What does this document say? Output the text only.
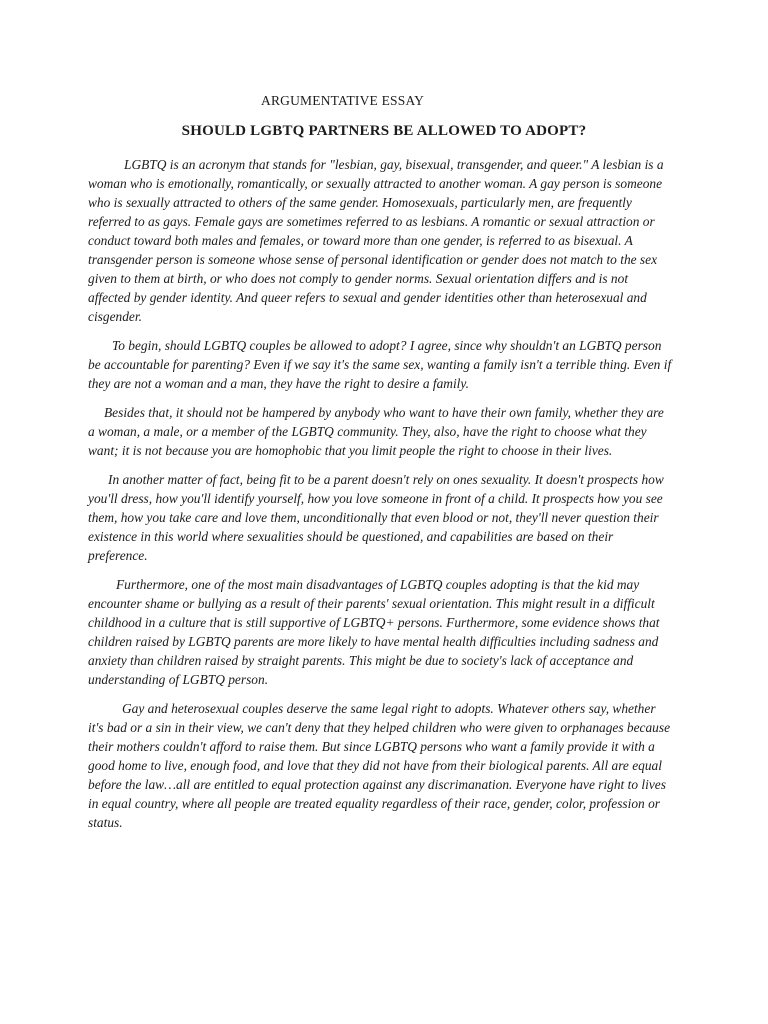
ARGUMENTATIVE ESSAY
SHOULD LGBTQ PARTNERS BE ALLOWED TO ADOPT?

LGBTQ is an acronym that stands for "lesbian, gay, bisexual, transgender, and queer." A lesbian is a woman who is emotionally, romantically, or sexually attracted to another woman. A gay person is someone who is sexually attracted to others of the same gender. Homosexuals, particularly men, are frequently referred to as gays. Female gays are sometimes referred to as lesbians. A romantic or sexual attraction or conduct toward both males and females, or toward more than one gender, is referred to as bisexual. A transgender person is someone whose sense of personal identification or gender does not match to the sex given to them at birth, or who does not comply to gender norms. Sexual orientation differs and is not affected by gender identity. And queer refers to sexual and gender identities other than heterosexual and cisgender.

To begin, should LGBTQ couples be allowed to adopt? I agree, since why shouldn't an LGBTQ person be accountable for parenting? Even if we say it's the same sex, wanting a family isn't a terrible thing. Even if they are not a woman and a man, they have the right to desire a family.

Besides that, it should not be hampered by anybody who want to have their own family, whether they are a woman, a male, or a member of the LGBTQ community. They, also, have the right to choose what they want; it is not because you are homophobic that you limit people the right to choose in their lives.

In another matter of fact, being fit to be a parent doesn't rely on ones sexuality. It doesn't prospects how you'll dress, how you'll identify yourself, how you love someone in front of a child. It prospects how you see them, how you take care and love them, unconditionally that even blood or not, they'll never question their existence in this world where sexualities should be questioned, and capabilities are based on their preference.

Furthermore, one of the most main disadvantages of LGBTQ couples adopting is that the kid may encounter shame or bullying as a result of their parents' sexual orientation. This might result in a difficult childhood in a culture that is still supportive of LGBTQ+ persons. Furthermore, some evidence shows that children raised by LGBTQ parents are more likely to have mental health difficulties including sadness and anxiety than children raised by straight parents. This might be due to society's lack of acceptance and understanding of LGBTQ person.

Gay and heterosexual couples deserve the same legal right to adopts. Whatever others say, whether it's bad or a sin in their view, we can't deny that they helped children who were given to orphanages because their mothers couldn't afford to raise them. But since LGBTQ persons who want a family provide it with a good home to live, enough food, and love that they did not have from their biological parents. All are equal before the law…all are entitled to equal protection against any discrimanation. Everyone have right to lives in equal country, where all people are treated equality regardless of their race, gender, color, profession or status.
